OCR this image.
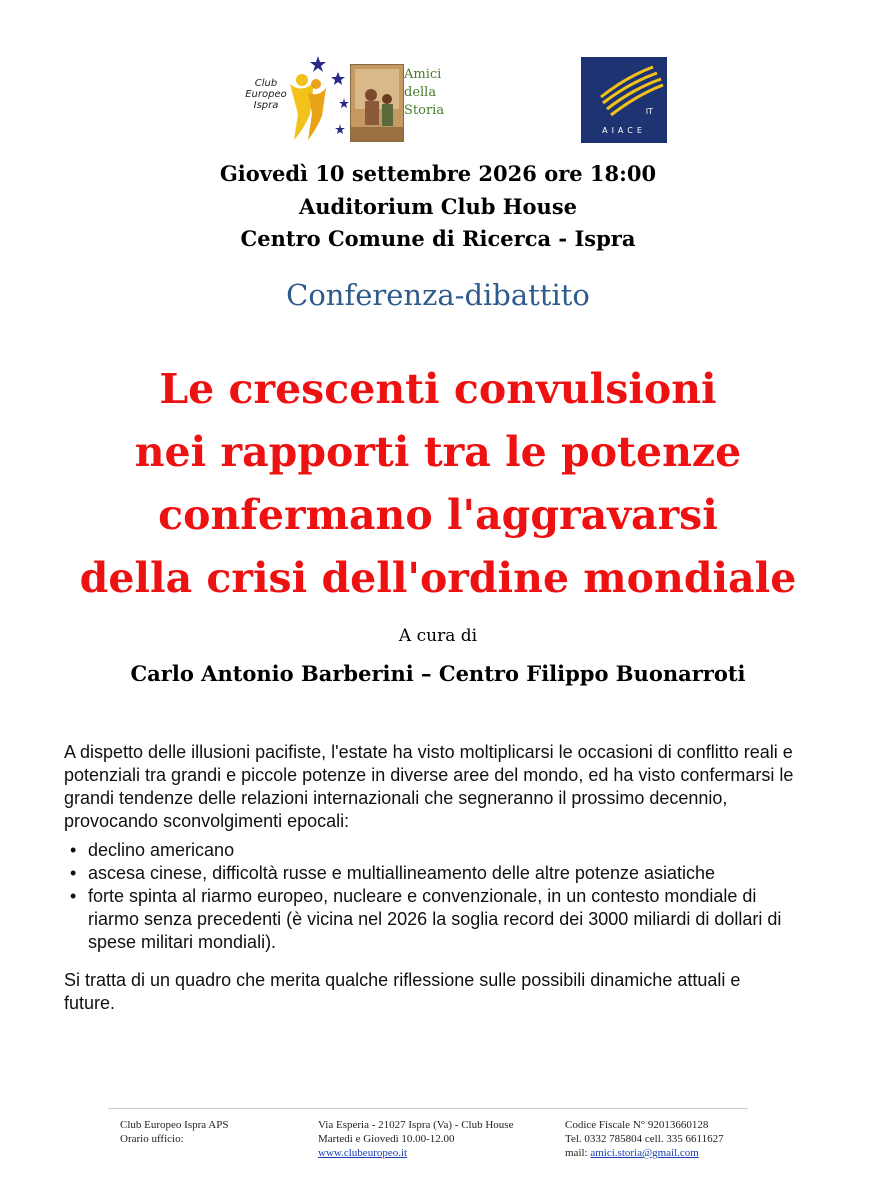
Club
Europeo
Ispra
Amici
della
Storia	IT
AIACE
Giovedì 10 settembre 2026 ore 18:00
Auditorium Club House
Centro Comune di Ricerca - Ispra
Conferenza-dibattito
Le crescenti convulsioni
nei rapporti tra le potenze
confermano l'aggravarsi
della crisi dell'ordine mondiale
A cura di
Carlo Antonio Barberini – Centro Filippo Buonarroti

A dispetto delle illusioni pacifiste, l'estate ha visto moltiplicarsi le occasioni di conflitto reali e potenziali tra grandi e piccole potenze in diverse aree del mondo, ed ha visto confermarsi le grandi tendenze delle relazioni internazionali che segneranno il prossimo decennio, provocando sconvolgimenti epocali:

• declino americano
• ascesa cinese, difficoltà russe e multiallineamento delle altre potenze asiatiche
• forte spinta al riarmo europeo, nucleare e convenzionale, in un contesto mondiale di riarmo senza precedenti (è vicina nel 2026 la soglia record dei 3000 miliardi di dollari di spese militari mondiali).

Si tratta di un quadro che merita qualche riflessione sulle possibili dinamiche attuali e future.

Club Europeo Ispra APS
Orario ufficio:
Via Esperia - 21027 Ispra (Va) - Club House
Martedì e Giovedì 10.00-12.00
www.clubeuropeo.it
Codice Fiscale N° 92013660128
Tel. 0332 785804 cell. 335 6611627
mail: amici.storia@gmail.com
